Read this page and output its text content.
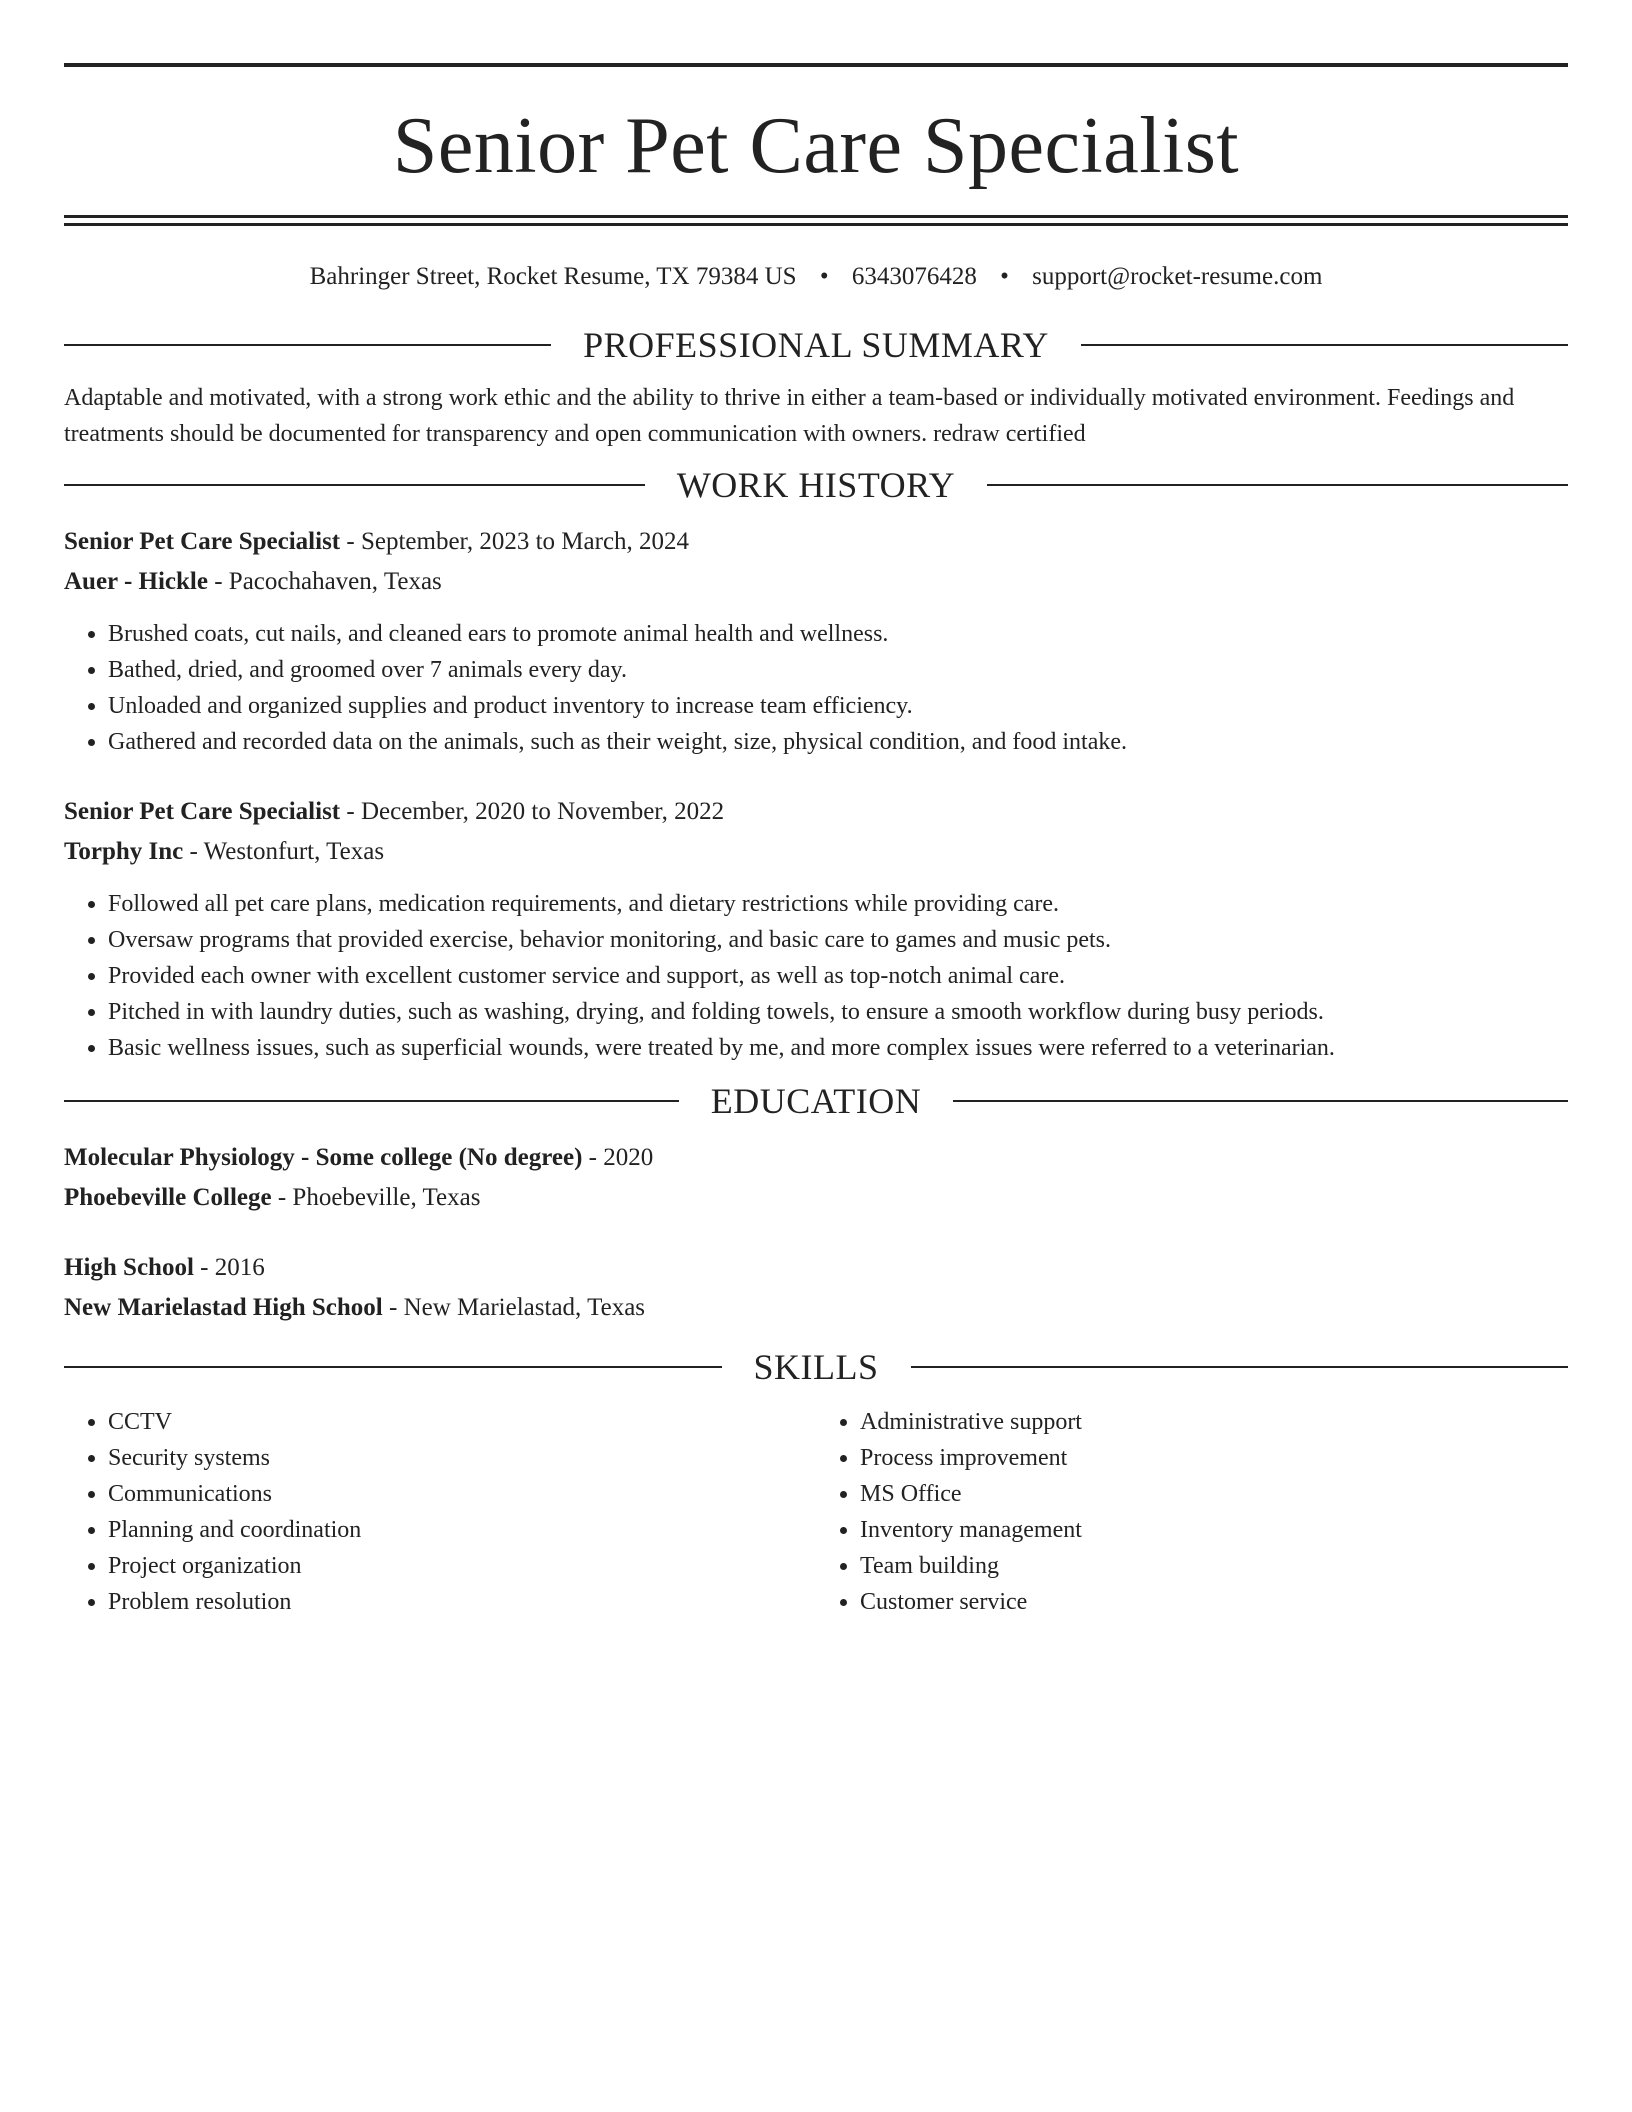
Senior Pet Care Specialist
Bahringer Street, Rocket Resume, TX 79384 US • 6343076428 • support@rocket-resume.com
PROFESSIONAL SUMMARY

Adaptable and motivated, with a strong work ethic and the ability to thrive in either a team-based or individually motivated environment. Feedings and treatments should be documented for transparency and open communication with owners. redraw certified

WORK HISTORY
Senior Pet Care Specialist - September, 2023 to March, 2024
Auer - Hickle - Pacochahaven, Texas
• Brushed coats, cut nails, and cleaned ears to promote animal health and wellness.
• Bathed, dried, and groomed over 7 animals every day.
• Unloaded and organized supplies and product inventory to increase team efficiency.
• Gathered and recorded data on the animals, such as their weight, size, physical condition, and food intake.
Senior Pet Care Specialist - December, 2020 to November, 2022
Torphy Inc - Westonfurt, Texas
• Followed all pet care plans, medication requirements, and dietary restrictions while providing care.
• Oversaw programs that provided exercise, behavior monitoring, and basic care to games and music pets.
• Provided each owner with excellent customer service and support, as well as top-notch animal care.
• Pitched in with laundry duties, such as washing, drying, and folding towels, to ensure a smooth workflow during busy periods.
• Basic wellness issues, such as superficial wounds, were treated by me, and more complex issues were referred to a veterinarian.
EDUCATION
Molecular Physiology - Some college (No degree) - 2020
Phoebeville College - Phoebeville, Texas
High School - 2016
New Marielastad High School - New Marielastad, Texas
SKILLS
• CCTV
• Security systems
• Communications
• Planning and coordination
• Project organization
• Problem resolution
• Administrative support
• Process improvement
• MS Office
• Inventory management
• Team building
• Customer service
